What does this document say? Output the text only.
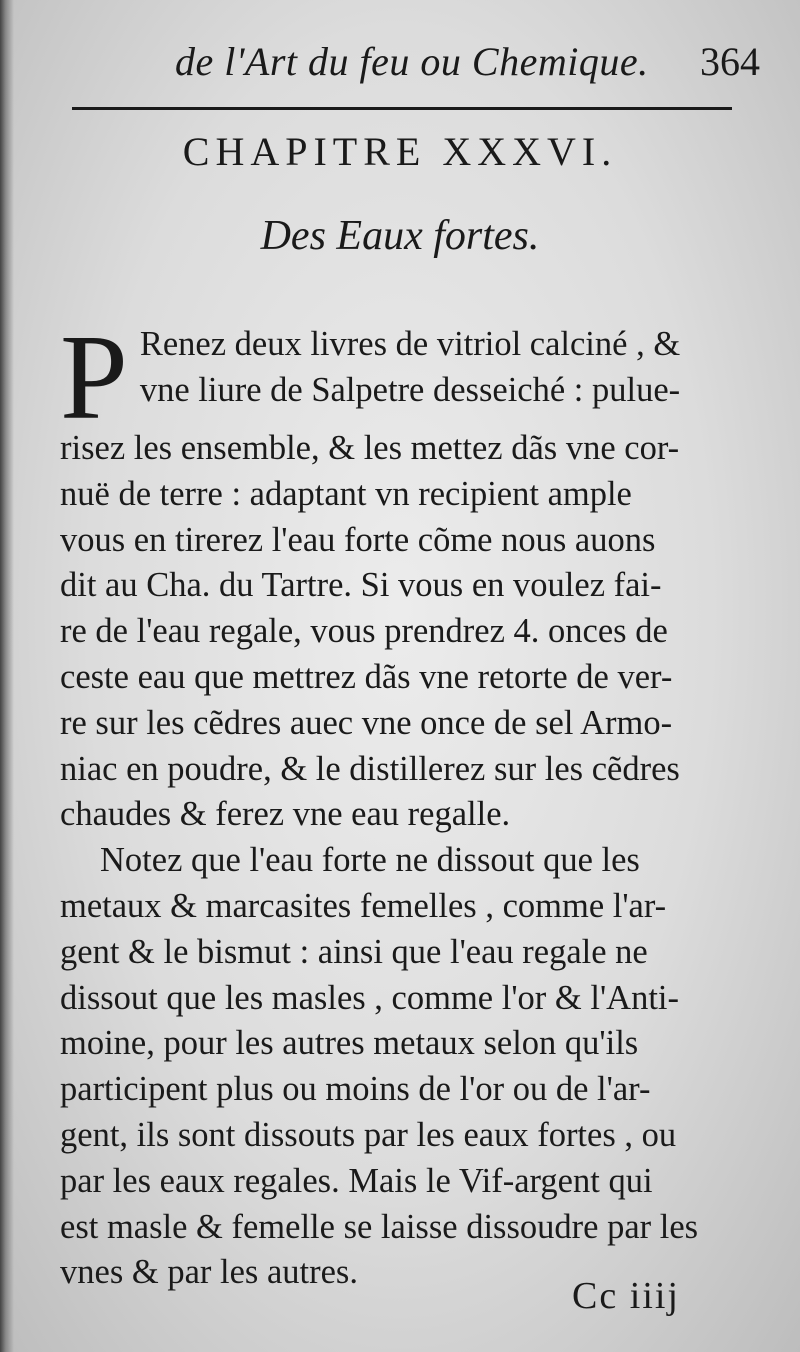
de l'Art du feu ou Chemique. 364
CHAPITRE XXXVI.
Des Eaux fortes.
P Renez deux livres de vitriol calciné , &
vne liure de Salpetre desseiché : pulue-
risez les ensemble, & les mettez dãs vne cor-
nuë de terre : adaptant vn recipient ample
vous en tirerez l'eau forte cõme nous auons
dit au Cha. du Tartre. Si vous en voulez fai-
re de l'eau regale, vous prendrez 4. onces de
ceste eau que mettrez dãs vne retorte de ver-
re sur les cẽdres auec vne once de sel Armo-
niac en poudre, & le distillerez sur les cẽdres
chaudes & ferez vne eau regalle.
Notez que l'eau forte ne dissout que les
metaux & marcasites femelles , comme l'ar-
gent & le bismut : ainsi que l'eau regale ne
dissout que les masles , comme l'or & l'Anti-
moine, pour les autres metaux selon qu'ils
participent plus ou moins de l'or ou de l'ar-
gent, ils sont dissouts par les eaux fortes , ou
par les eaux regales. Mais le Vif-argent qui
est masle & femelle se laisse dissoudre par les
vnes & par les autres.
Cc iiij
